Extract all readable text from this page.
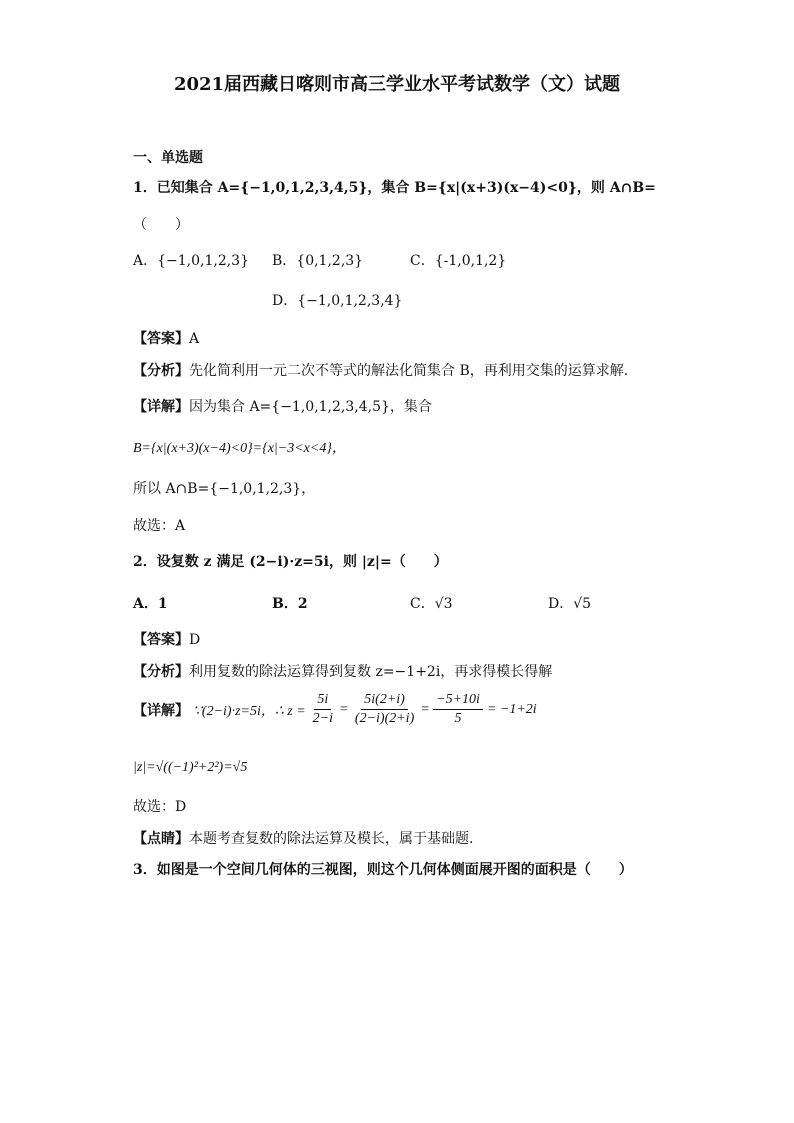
2021届西藏日喀则市高三学业水平考试数学（文）试题
一、单选题
1．已知集合 A={−1,0,1,2,3,4,5}，集合 B={x|(x+3)(x−4)<0}，则 A∩B=
（　　）
A．{−1,0,1,2,3} B．{0,1,2,3}	C．{-1,0,1,2}
D．{−1,0,1,2,3,4}
【答案】A
【分析】先化简利用一元二次不等式的解法化简集合 B，再利用交集的运算求解.
【详解】因为集合 A={−1,0,1,2,3,4,5}，集合
B={x|(x+3)(x−4)<0}={x|−3<x<4}，
所以 A∩B={−1,0,1,2,3}，
故选：A
2．设复数 z 满足 (2−i)·z=5i，则 |z|=（　　）
A．1	B．2	C．√3	D．√5
【答案】D
【分析】利用复数的除法运算得到复数 z=−1+2i，再求得模长得解
【详解】 ∵(2−i)·z=5i，∴ $z = \frac{5i}{2-i} = \frac{5i(2+i)}{(2-i)(2+i)} = \frac{-5+10i}{5} = -1+2i$
|z|=√((−1)²+2²)=√5
故选：D
【点睛】本题考查复数的除法运算及模长，属于基础题.
3．如图是一个空间几何体的三视图，则这个几何体侧面展开图的面积是（　　）
